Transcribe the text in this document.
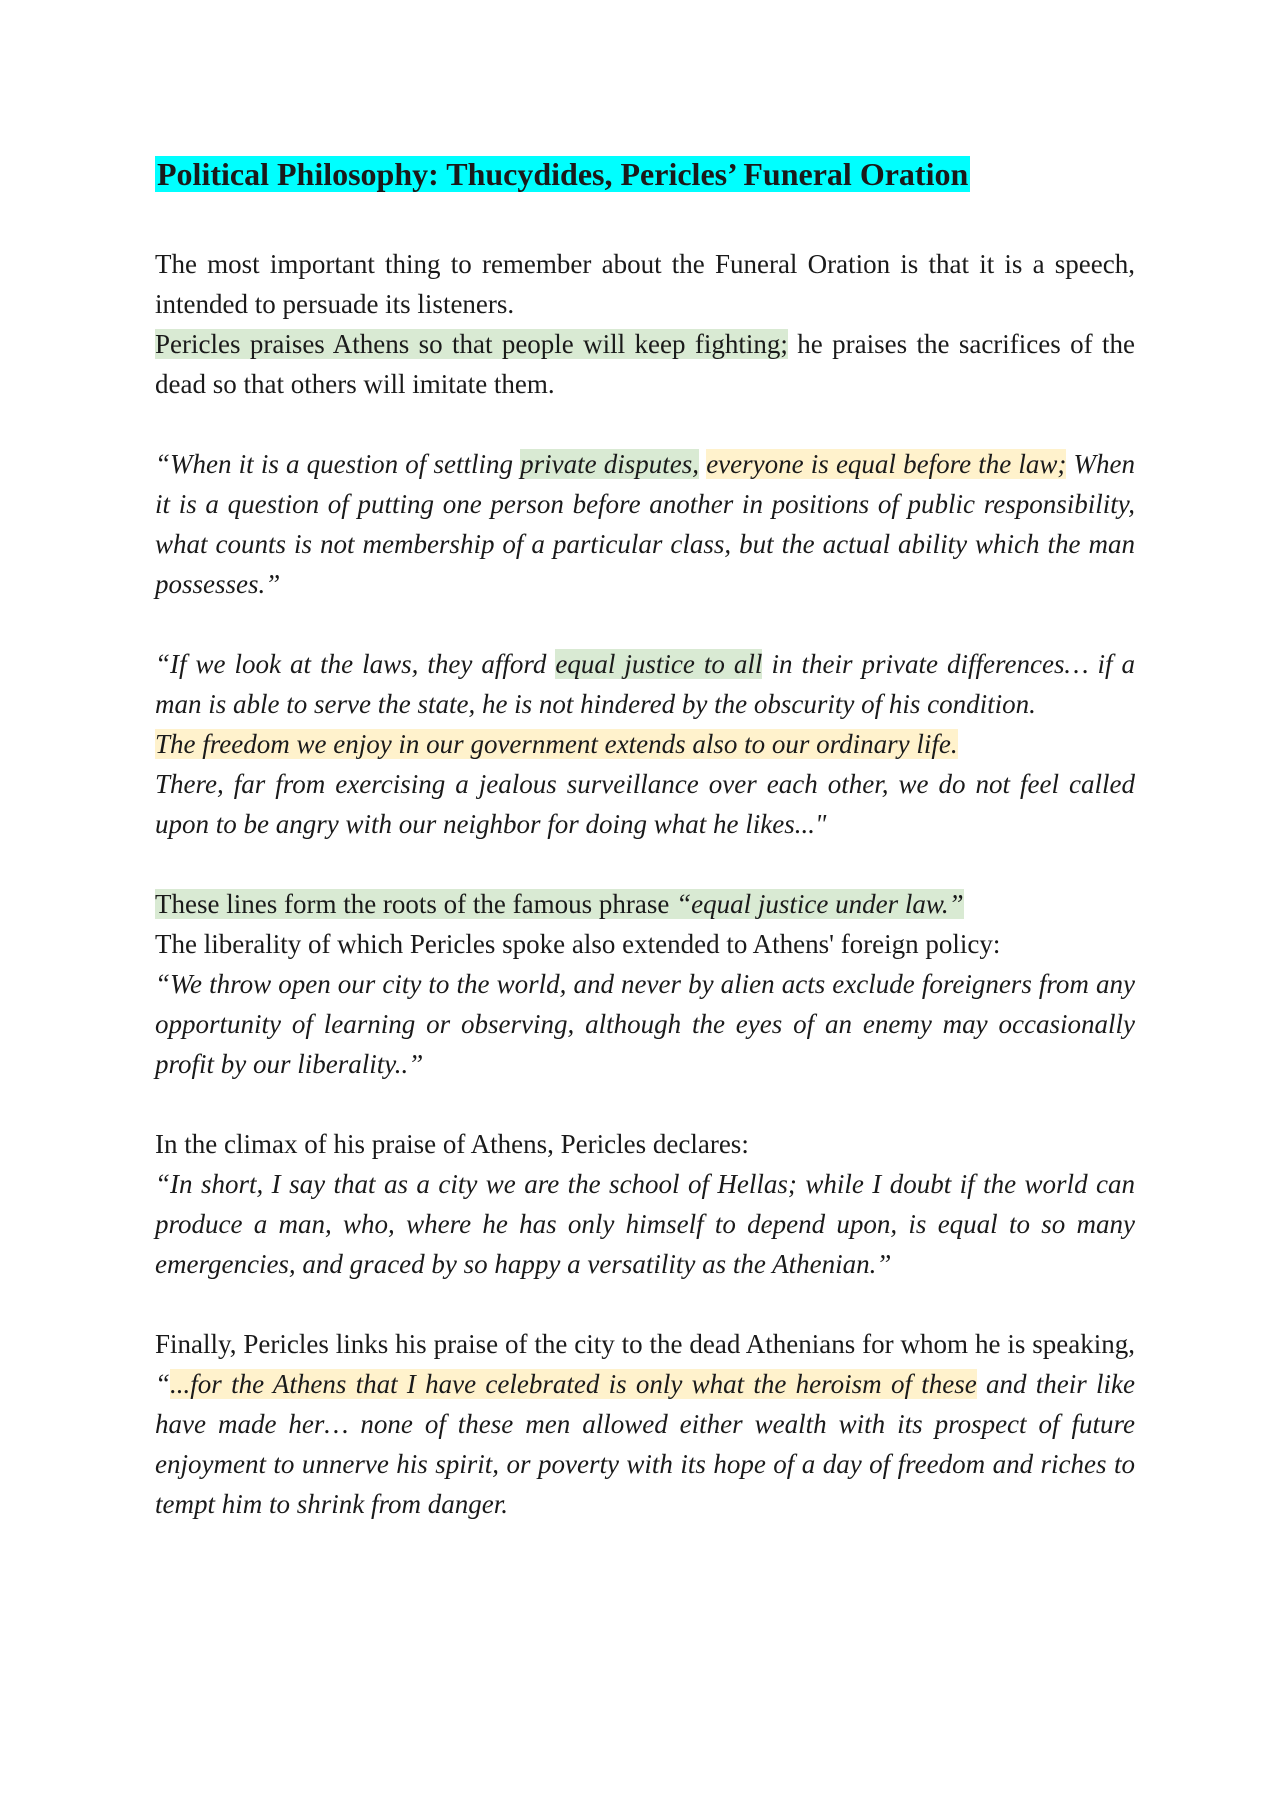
Political Philosophy: Thucydides, Pericles’ Funeral Oration

The most important thing to remember about the Funeral Oration is that it is a speech, intended to persuade its listeners.

Pericles praises Athens so that people will keep fighting; he praises the sacrifices of the dead so that others will imitate them.

“When it is a question of settling private disputes, everyone is equal before the law; When it is a question of putting one person before another in positions of public responsibility, what counts is not membership of a particular class, but the actual ability which the man possesses.”

“If we look at the laws, they afford equal justice to all in their private differences… if a man is able to serve the state, he is not hindered by the obscurity of his condition.

The freedom we enjoy in our government extends also to our ordinary life.

There, far from exercising a jealous surveillance over each other, we do not feel called upon to be angry with our neighbor for doing what he likes..."

These lines form the roots of the famous phrase “equal justice under law.”

The liberality of which Pericles spoke also extended to Athens' foreign policy:

“We throw open our city to the world, and never by alien acts exclude foreigners from any opportunity of learning or observing, although the eyes of an enemy may occasionally profit by our liberality..”

In the climax of his praise of Athens, Pericles declares:

“In short, I say that as a city we are the school of Hellas; while I doubt if the world can produce a man, who, where he has only himself to depend upon, is equal to so many emergencies, and graced by so happy a versatility as the Athenian.”

Finally, Pericles links his praise of the city to the dead Athenians for whom he is speaking, “...for the Athens that I have celebrated is only what the heroism of these and their like have made her… none of these men allowed either wealth with its prospect of future enjoyment to unnerve his spirit, or poverty with its hope of a day of freedom and riches to tempt him to shrink from danger.
